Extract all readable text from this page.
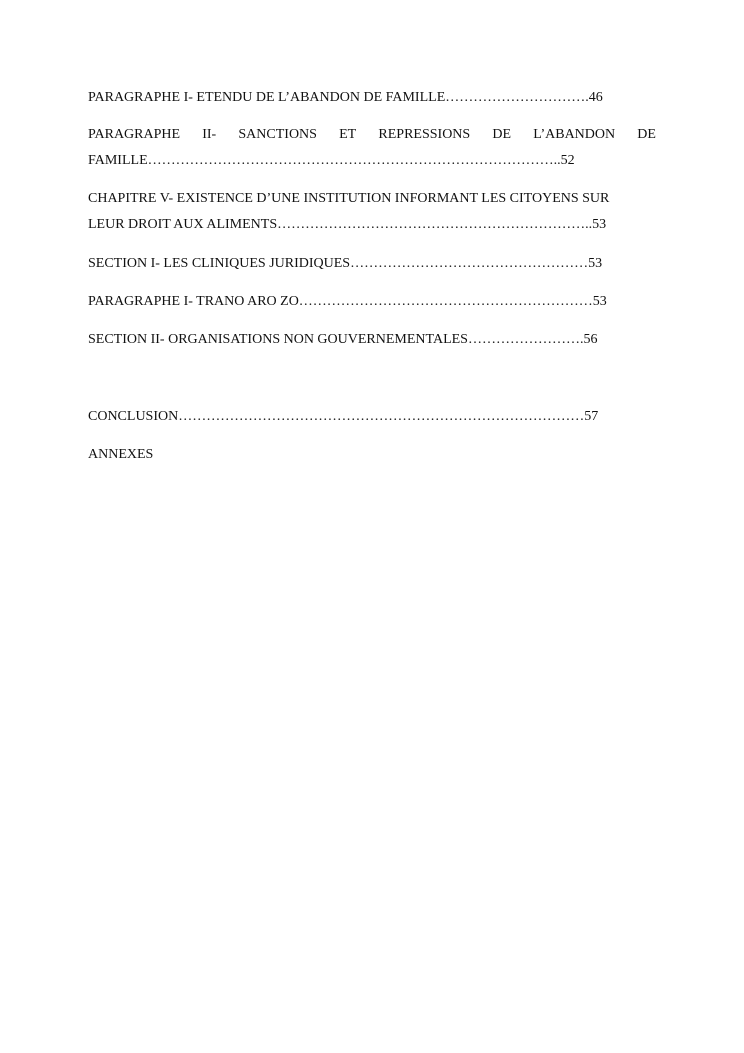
PARAGRAPHE I- ETENDU DE L’ABANDON DE FAMILLE………………………….46
PARAGRAPHE II- SANCTIONS ET REPRESSIONS DE L’ABANDON DE
FAMILLE……………………………………………………………………………..52
CHAPITRE V- EXISTENCE D’UNE INSTITUTION INFORMANT LES CITOYENS SUR
LEUR DROIT AUX ALIMENTS…………………………………………………………..53
SECTION I- LES CLINIQUES JURIDIQUES……………………………………………53
PARAGRAPHE I- TRANO ARO ZO………………………………………………………53
SECTION II- ORGANISATIONS NON GOUVERNEMENTALES…………………….56
CONCLUSION……………………………………………………………………………57
ANNEXES
